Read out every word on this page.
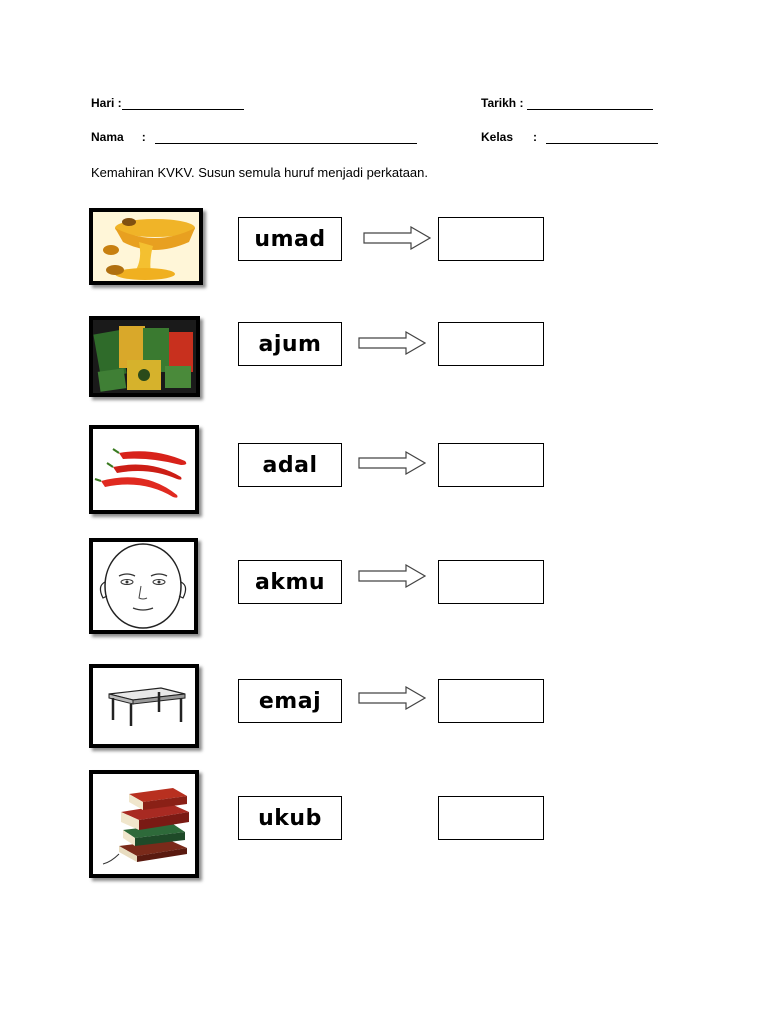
Hari :	Tarikh :
Nama :	Kelas :
Kemahiran KVKV. Susun semula huruf menjadi perkataan.
umad
ajum
adal
akmu
emaj
ukub
